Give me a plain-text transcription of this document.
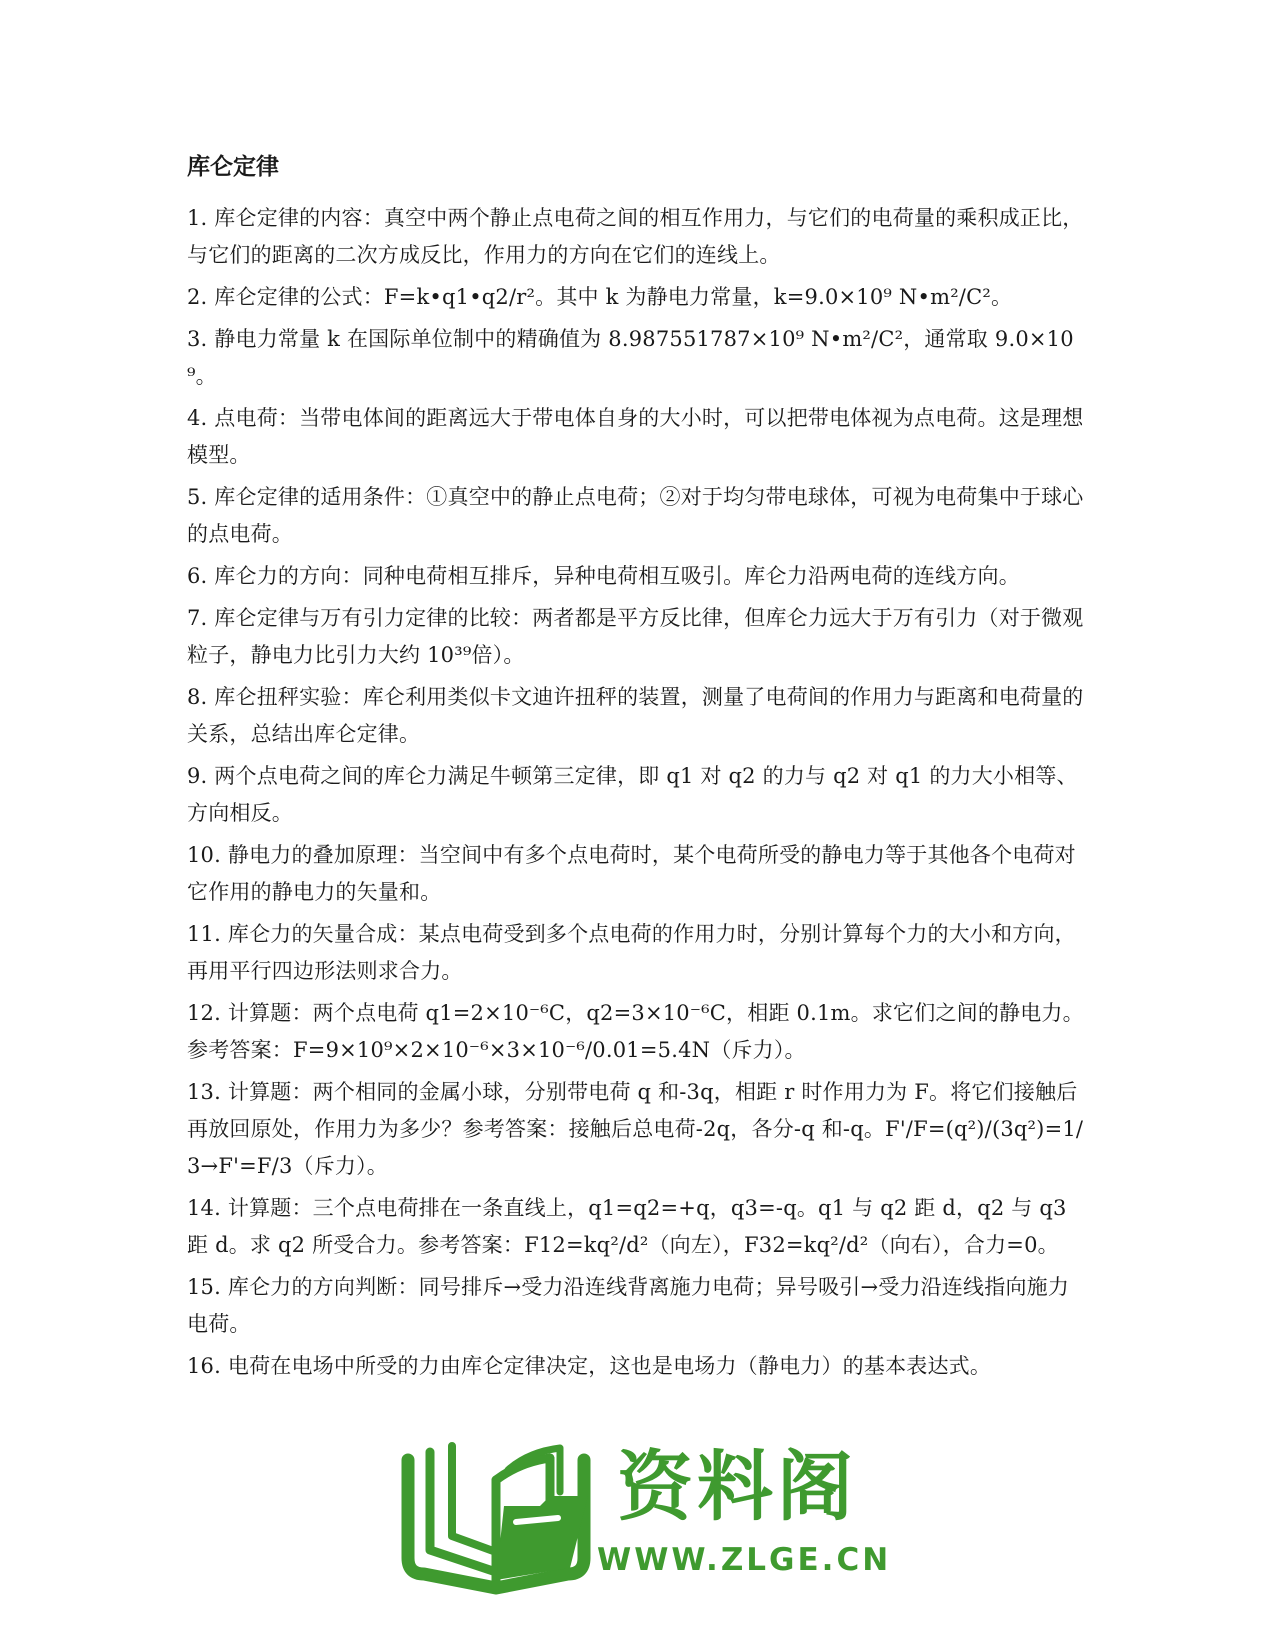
库仑定律
1. 库仑定律的内容：真空中两个静止点电荷之间的相互作用力，与它们的电荷量的乘积成正比，与它们的距离的二次方成反比，作用力的方向在它们的连线上。
2. 库仑定律的公式：F=k•q1•q2/r²。其中 k 为静电力常量，k=9.0×10⁹ N•m²/C²。
3. 静电力常量 k 在国际单位制中的精确值为 8.987551787×10⁹ N•m²/C²，通常取 9.0×10⁹。
4. 点电荷：当带电体间的距离远大于带电体自身的大小时，可以把带电体视为点电荷。这是理想模型。
5. 库仑定律的适用条件：①真空中的静止点电荷；②对于均匀带电球体，可视为电荷集中于球心的点电荷。
6. 库仑力的方向：同种电荷相互排斥，异种电荷相互吸引。库仑力沿两电荷的连线方向。
7. 库仑定律与万有引力定律的比较：两者都是平方反比律，但库仑力远大于万有引力（对于微观粒子，静电力比引力大约 10³⁹倍）。
8. 库仑扭秤实验：库仑利用类似卡文迪许扭秤的装置，测量了电荷间的作用力与距离和电荷量的关系，总结出库仑定律。
9. 两个点电荷之间的库仑力满足牛顿第三定律，即 q1 对 q2 的力与 q2 对 q1 的力大小相等、方向相反。
10. 静电力的叠加原理：当空间中有多个点电荷时，某个电荷所受的静电力等于其他各个电荷对它作用的静电力的矢量和。
11. 库仑力的矢量合成：某点电荷受到多个点电荷的作用力时，分别计算每个力的大小和方向，再用平行四边形法则求合力。
12. 计算题：两个点电荷 q1=2×10⁻⁶C，q2=3×10⁻⁶C，相距 0.1m。求它们之间的静电力。参考答案：F=9×10⁹×2×10⁻⁶×3×10⁻⁶/0.01=5.4N（斥力）。
13. 计算题：两个相同的金属小球，分别带电荷 q 和-3q，相距 r 时作用力为 F。将它们接触后再放回原处，作用力为多少？参考答案：接触后总电荷-2q，各分-q 和-q。F'/F=(q²)/(3q²)=1/3→F'=F/3（斥力）。
14. 计算题：三个点电荷排在一条直线上，q1=q2=+q，q3=-q。q1 与 q2 距 d，q2 与 q3 距 d。求 q2 所受合力。参考答案：F12=kq²/d²（向左），F32=kq²/d²（向右），合力=0。
15. 库仑力的方向判断：同号排斥→受力沿连线背离施力电荷；异号吸引→受力沿连线指向施力电荷。
16. 电荷在电场中所受的力由库仑定律决定，这也是电场力（静电力）的基本表达式。
资料阁
WWW.ZLGE.CN
